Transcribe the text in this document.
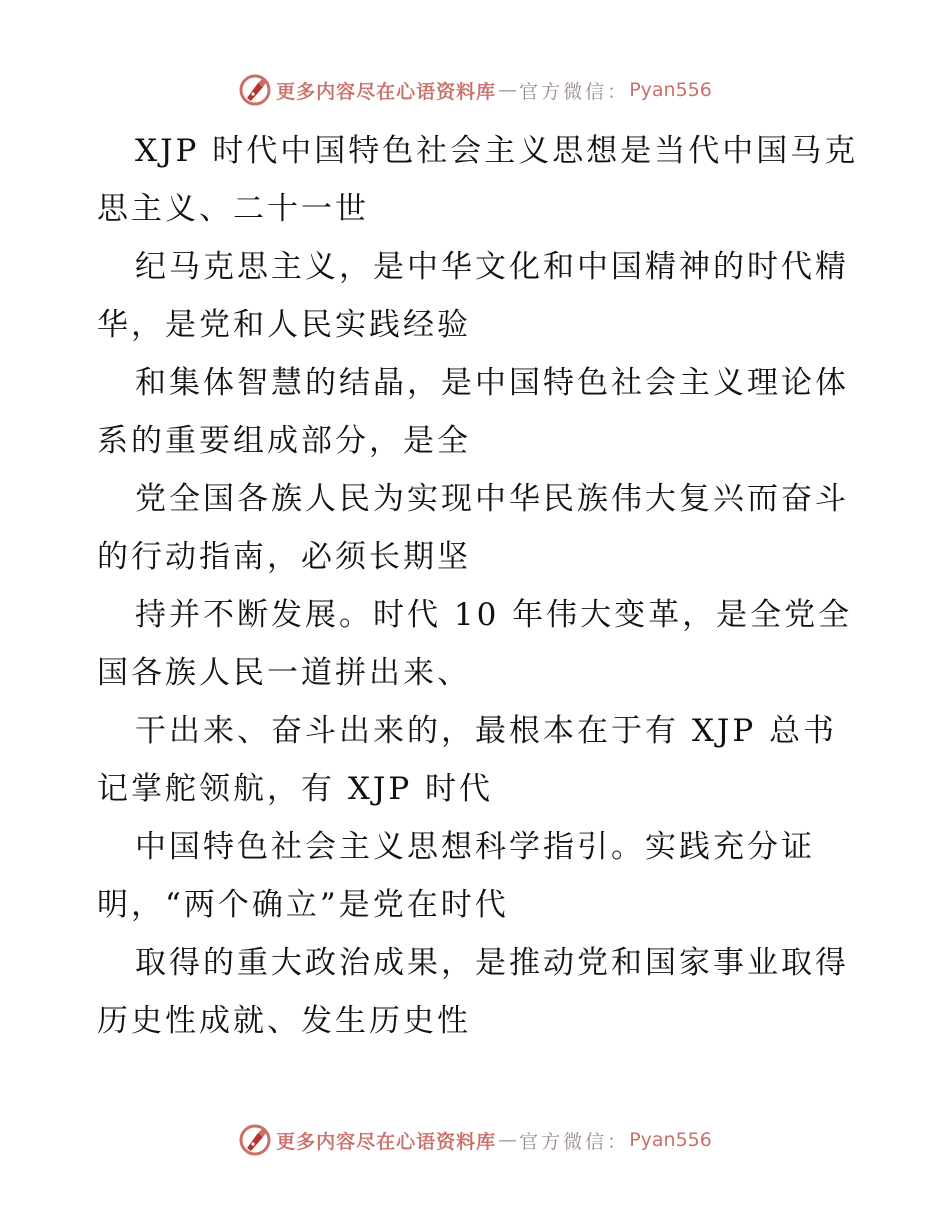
更多内容尽在心语资料库 — 官方微信： Pyan556

XJP 时代中国特色社会主义思想是当代中国马克

思主义、二十一世

纪马克思主义，是中华文化和中国精神的时代精

华，是党和人民实践经验

和集体智慧的结晶，是中国特色社会主义理论体

系的重要组成部分，是全

党全国各族人民为实现中华民族伟大复兴而奋斗

的行动指南，必须长期坚

持并不断发展。时代 10 年伟大变革，是全党全

国各族人民一道拼出来、

干出来、奋斗出来的，最根本在于有 XJP 总书

记掌舵领航，有 XJP 时代

中国特色社会主义思想科学指引。实践充分证

明，“两个确立”是党在时代

取得的重大政治成果，是推动党和国家事业取得

历史性成就、发生历史性

更多内容尽在心语资料库 — 官方微信： Pyan556
